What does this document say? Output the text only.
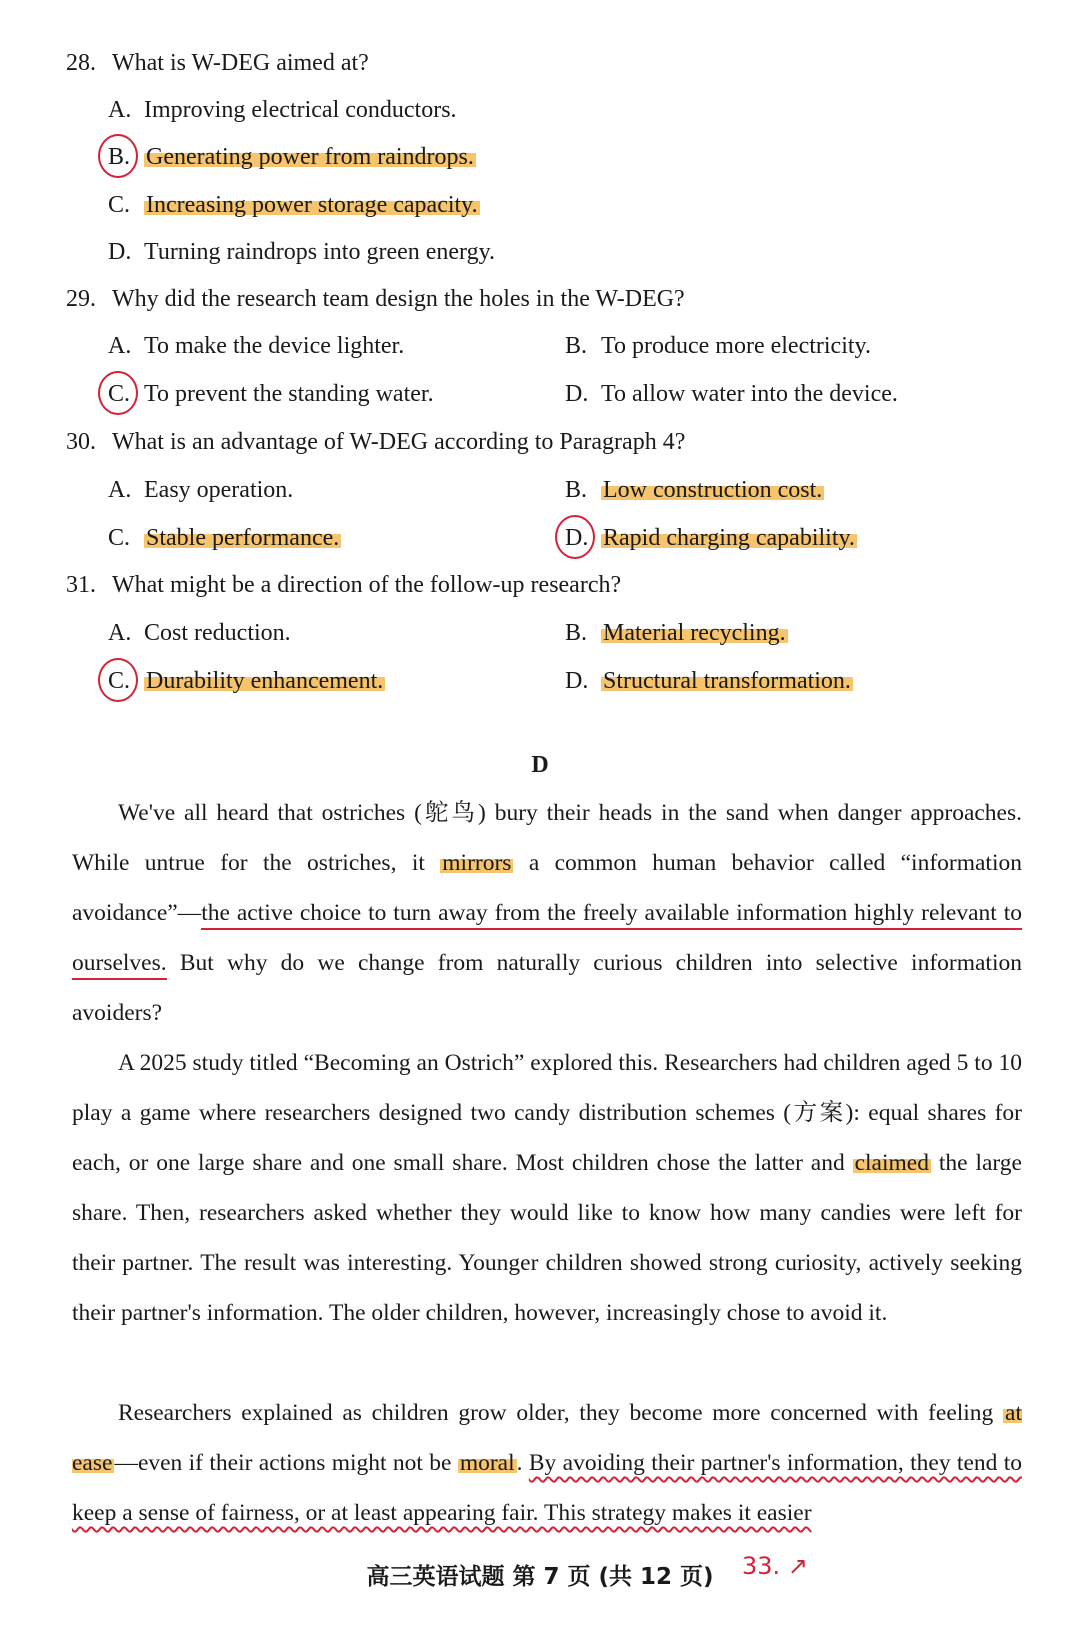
28. What is W-DEG aimed at?
A. Improving electrical conductors.
B. Generating power from raindrops.
C. Increasing power storage capacity.
D. Turning raindrops into green energy.
29. Why did the research team design the holes in the W-DEG?
A. To make the device lighter.	B. To produce more electricity.
C. To prevent the standing water.	D. To allow water into the device.
30. What is an advantage of W-DEG according to Paragraph 4?
A. Easy operation.	B. Low construction cost.
C. Stable performance.	D. Rapid charging capability.
31. What might be a direction of the follow-up research?
A. Cost reduction.	B. Material recycling.
C. Durability enhancement.	D. Structural transformation.
D
We've all heard that ostriches (鸵鸟) bury their heads in the sand when danger approaches. While untrue for the ostriches, it mirrors a common human behavior called “information avoidance”—the active choice to turn away from the freely available information highly relevant to ourselves. But why do we change from naturally curious children into selective information avoiders?
A 2025 study titled “Becoming an Ostrich” explored this. Researchers had children aged 5 to 10 play a game where researchers designed two candy distribution schemes (方案): equal shares for each, or one large share and one small share. Most children chose the latter and claimed the large share. Then, researchers asked whether they would like to know how many candies were left for their partner. The result was interesting. Younger children showed strong curiosity, actively seeking their partner's information. The older children, however, increasingly chose to avoid it.
Researchers explained as children grow older, they become more concerned with feeling at ease—even if their actions might not be moral. By avoiding their partner's information, they tend to keep a sense of fairness, or at least appearing fair. This strategy makes it easier
高三英语试题 第 7 页 (共 12 页)	33. ↗
